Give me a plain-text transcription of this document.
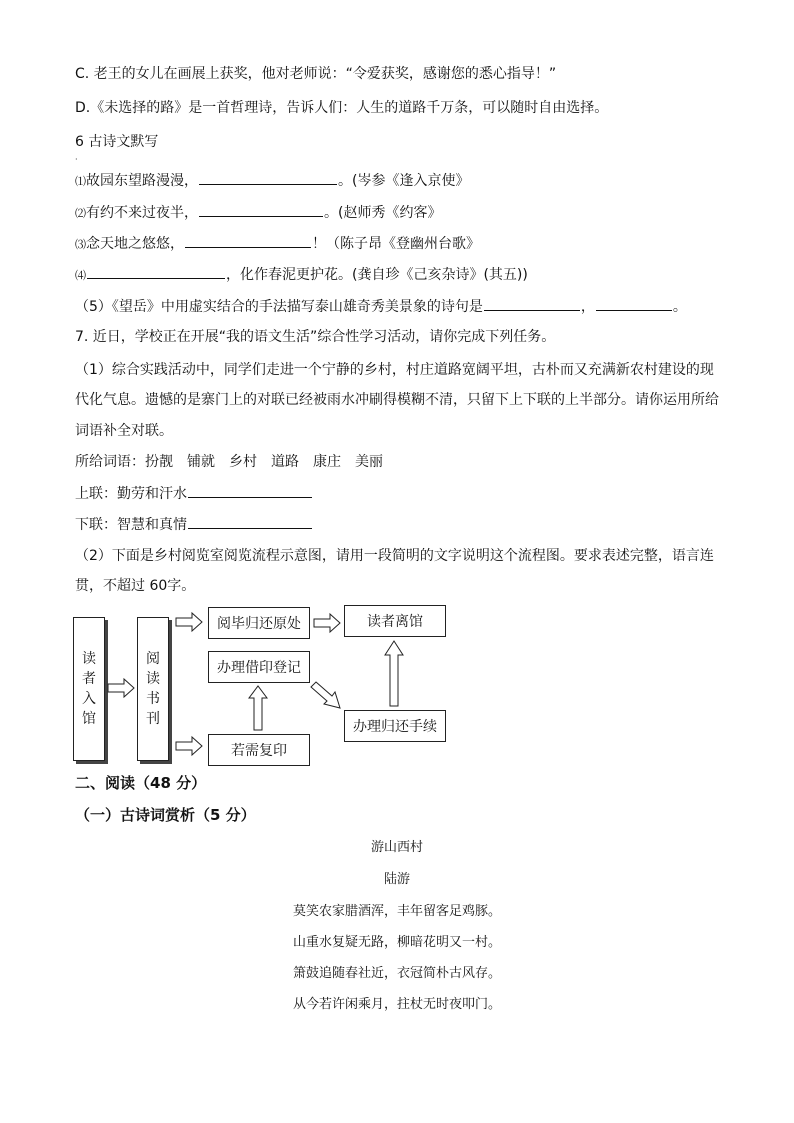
C. 老王的女儿在画展上获奖，他对老师说：“令爱获奖，感谢您的悉心指导！”
D.《未选择的路》是一首哲理诗，告诉人们：人生的道路千万条，可以随时自由选择。
6 古诗文默写
·
⑴故园东望路漫漫，	。(岑参《逢入京使》
⑵有约不来过夜半，	。(赵师秀《约客》
⑶念天地之悠悠，	！（陈子昂《登幽州台歌》
⑷	，化作春泥更护花。(龚自珍《己亥杂诗》(其五))
（5）《望岳》中用虚实结合的手法描写泰山雄奇秀美景象的诗句是	，	。
7. 近日，学校正在开展“我的语文生活”综合性学习活动，请你完成下列任务。
（1）综合实践活动中，同学们走进一个宁静的乡村，村庄道路宽阔平坦，古朴而又充满新农村建设的现
代化气息。遗憾的是寨门上的对联已经被雨水冲刷得模糊不清，只留下上下联的上半部分。请你运用所给
词语补全对联。
所给词语：扮靓　铺就　乡村　道路　康庄　美丽
上联：勤劳和汗水
下联：智慧和真情
（2）下面是乡村阅览室阅览流程示意图，请用一段简明的文字说明这个流程图。要求表述完整，语言连
贯，不超过 60字。
读者入馆
阅读书刊
阅毕归还原处	读者离馆
办理借印登记
办理归还手续
若需复印
二、阅读（48 分）
（一）古诗词赏析（5 分）
游山西村
陆游
莫笑农家腊酒浑，丰年留客足鸡豚。
山重水复疑无路，柳暗花明又一村。
箫鼓追随春社近，衣冠简朴古风存。
从今若许闲乘月，拄杖无时夜叩门。
